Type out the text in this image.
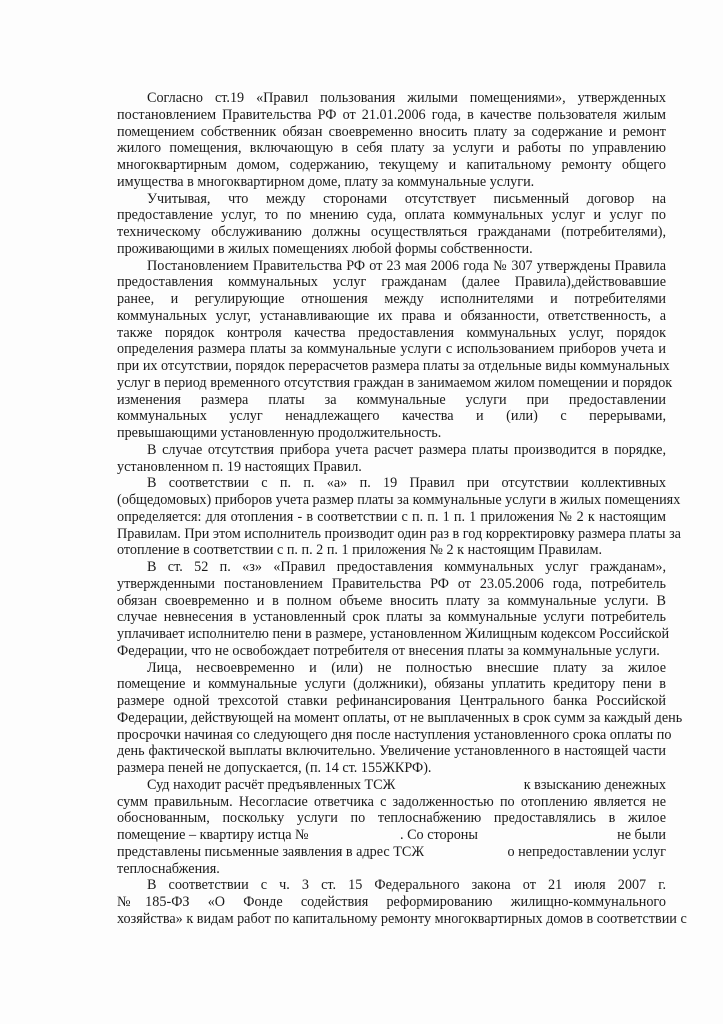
Согласно ст.19 «Правил пользования жилыми помещениями», утвержденных
постановлением Правительства РФ от 21.01.2006 года, в качестве пользователя жилым
помещением собственник обязан своевременно вносить плату за содержание и ремонт
жилого помещения, включающую в себя плату за услуги и работы по управлению
многоквартирным домом, содержанию, текущему и капитальному ремонту общего
имущества в многоквартирном доме, плату за коммунальные услуги.
Учитывая, что между сторонами отсутствует письменный договор на
предоставление услуг, то по мнению суда, оплата коммунальных услуг и услуг по
техническому обслуживанию должны осуществляться гражданами (потребителями),
проживающими в жилых помещениях любой формы собственности.
Постановлением Правительства РФ от 23 мая 2006 года № 307 утверждены Правила
предоставления коммунальных услуг гражданам (далее Правила),действовавшие
ранее, и регулирующие отношения между исполнителями и потребителями
коммунальных услуг, устанавливающие их права и обязанности, ответственность, а
также порядок контроля качества предоставления коммунальных услуг, порядок
определения размера платы за коммунальные услуги с использованием приборов учета и
при их отсутствии, порядок перерасчетов размера платы за отдельные виды коммунальных
услуг в период временного отсутствия граждан в занимаемом жилом помещении и порядок
изменения размера платы за коммунальные услуги при предоставлении
коммунальных услуг ненадлежащего качества и (или) с перерывами,
превышающими установленную продолжительность.
В случае отсутствия прибора учета расчет размера платы производится в порядке,
установленном п. 19 настоящих Правил.
В соответствии с п. п. «а» п. 19 Правил при отсутствии коллективных
(общедомовых) приборов учета размер платы за коммунальные услуги в жилых помещениях
определяется: для отопления - в соответствии с п. п. 1 п. 1 приложения № 2 к настоящим
Правилам. При этом исполнитель производит один раз в год корректировку размера платы за
отопление в соответствии с п. п. 2 п. 1 приложения № 2 к настоящим Правилам.
В ст. 52 п. «з» «Правил предоставления коммунальных услуг гражданам»,
утвержденными постановлением Правительства РФ от 23.05.2006 года, потребитель
обязан своевременно и в полном объеме вносить плату за коммунальные услуги. В
случае невнесения в установленный срок платы за коммунальные услуги потребитель
уплачивает исполнителю пени в размере, установленном Жилищным кодексом Российской
Федерации, что не освобождает потребителя от внесения платы за коммунальные услуги.
Лица, несвоевременно и (или) не полностью внесшие плату за жилое
помещение и коммунальные услуги (должники), обязаны уплатить кредитору пени в
размере одной трехсотой ставки рефинансирования Центрального банка Российской
Федерации, действующей на момент оплаты, от не выплаченных в срок сумм за каждый день
просрочки начиная со следующего дня после наступления установленного срока оплаты по
день фактической выплаты включительно. Увеличение установленного в настоящей части
размера пеней не допускается, (п. 14 ст. 155ЖКРФ).
Суд находит расчёт предъявленных ТСЖ	к взысканию денежных
сумм правильным. Несогласие ответчика с задолженностью по отоплению является не
обоснованным, поскольку услуги по теплоснабжению предоставлялись в жилое
помещение – квартиру истца №	. Со стороны	не были
представлены письменные заявления в адрес ТСЖ	о непредоставлении услуг
теплоснабжения.
В соответствии с ч. 3 ст. 15 Федерального закона от 21 июля 2007 г.
№185-ФЗ «О Фонде содействия реформированию жилищно-коммунального
хозяйства» к видам работ по капитальному ремонту многоквартирных домов в соответствии с
